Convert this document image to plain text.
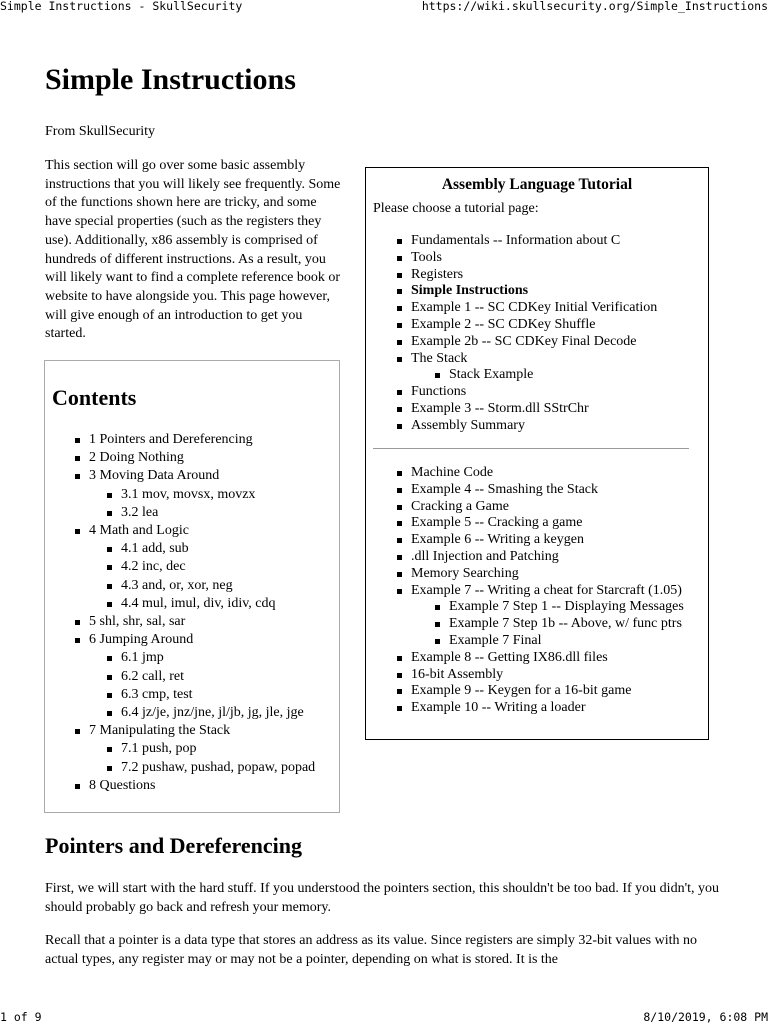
Simple Instructions - SkullSecurity	https://wiki.skullsecurity.org/Simple_Instructions
Simple Instructions
From SkullSecurity

This section will go over some basic assembly instructions that you will likely see frequently. Some of the functions shown here are tricky, and some have special properties (such as the registers they use). Additionally, x86 assembly is comprised of hundreds of different instructions. As a result, you will likely want to find a complete reference book or website to have alongside you. This page however, will give enough of an introduction to get you started.

Contents
1 Pointers and Dereferencing
2 Doing Nothing
3 Moving Data Around
3.1 mov, movsx, movzx
3.2 lea
4 Math and Logic
4.1 add, sub
4.2 inc, dec
4.3 and, or, xor, neg
4.4 mul, imul, div, idiv, cdq
5 shl, shr, sal, sar
6 Jumping Around
6.1 jmp
6.2 call, ret
6.3 cmp, test
6.4 jz/je, jnz/jne, jl/jb, jg, jle, jge
7 Manipulating the Stack
7.1 push, pop
7.2 pushaw, pushad, popaw, popad
8 Questions
Assembly Language Tutorial
Please choose a tutorial page:
Fundamentals -- Information about C
Tools
Registers
Simple Instructions
Example 1 -- SC CDKey Initial Verification
Example 2 -- SC CDKey Shuffle
Example 2b -- SC CDKey Final Decode
The Stack
Stack Example
Functions
Example 3 -- Storm.dll SStrChr
Assembly Summary
Machine Code
Example 4 -- Smashing the Stack
Cracking a Game
Example 5 -- Cracking a game
Example 6 -- Writing a keygen
.dll Injection and Patching
Memory Searching
Example 7 -- Writing a cheat for Starcraft (1.05)
Example 7 Step 1 -- Displaying Messages
Example 7 Step 1b -- Above, w/ func ptrs
Example 7 Final
Example 8 -- Getting IX86.dll files
16-bit Assembly
Example 9 -- Keygen for a 16-bit game
Example 10 -- Writing a loader
Pointers and Dereferencing

First, we will start with the hard stuff. If you understood the pointers section, this shouldn't be too bad. If you didn't, you should probably go back and refresh your memory.

Recall that a pointer is a data type that stores an address as its value. Since registers are simply 32-bit values with no actual types, any register may or may not be a pointer, depending on what is stored. It is the

1 of 9	8/10/2019, 6:08 PM
